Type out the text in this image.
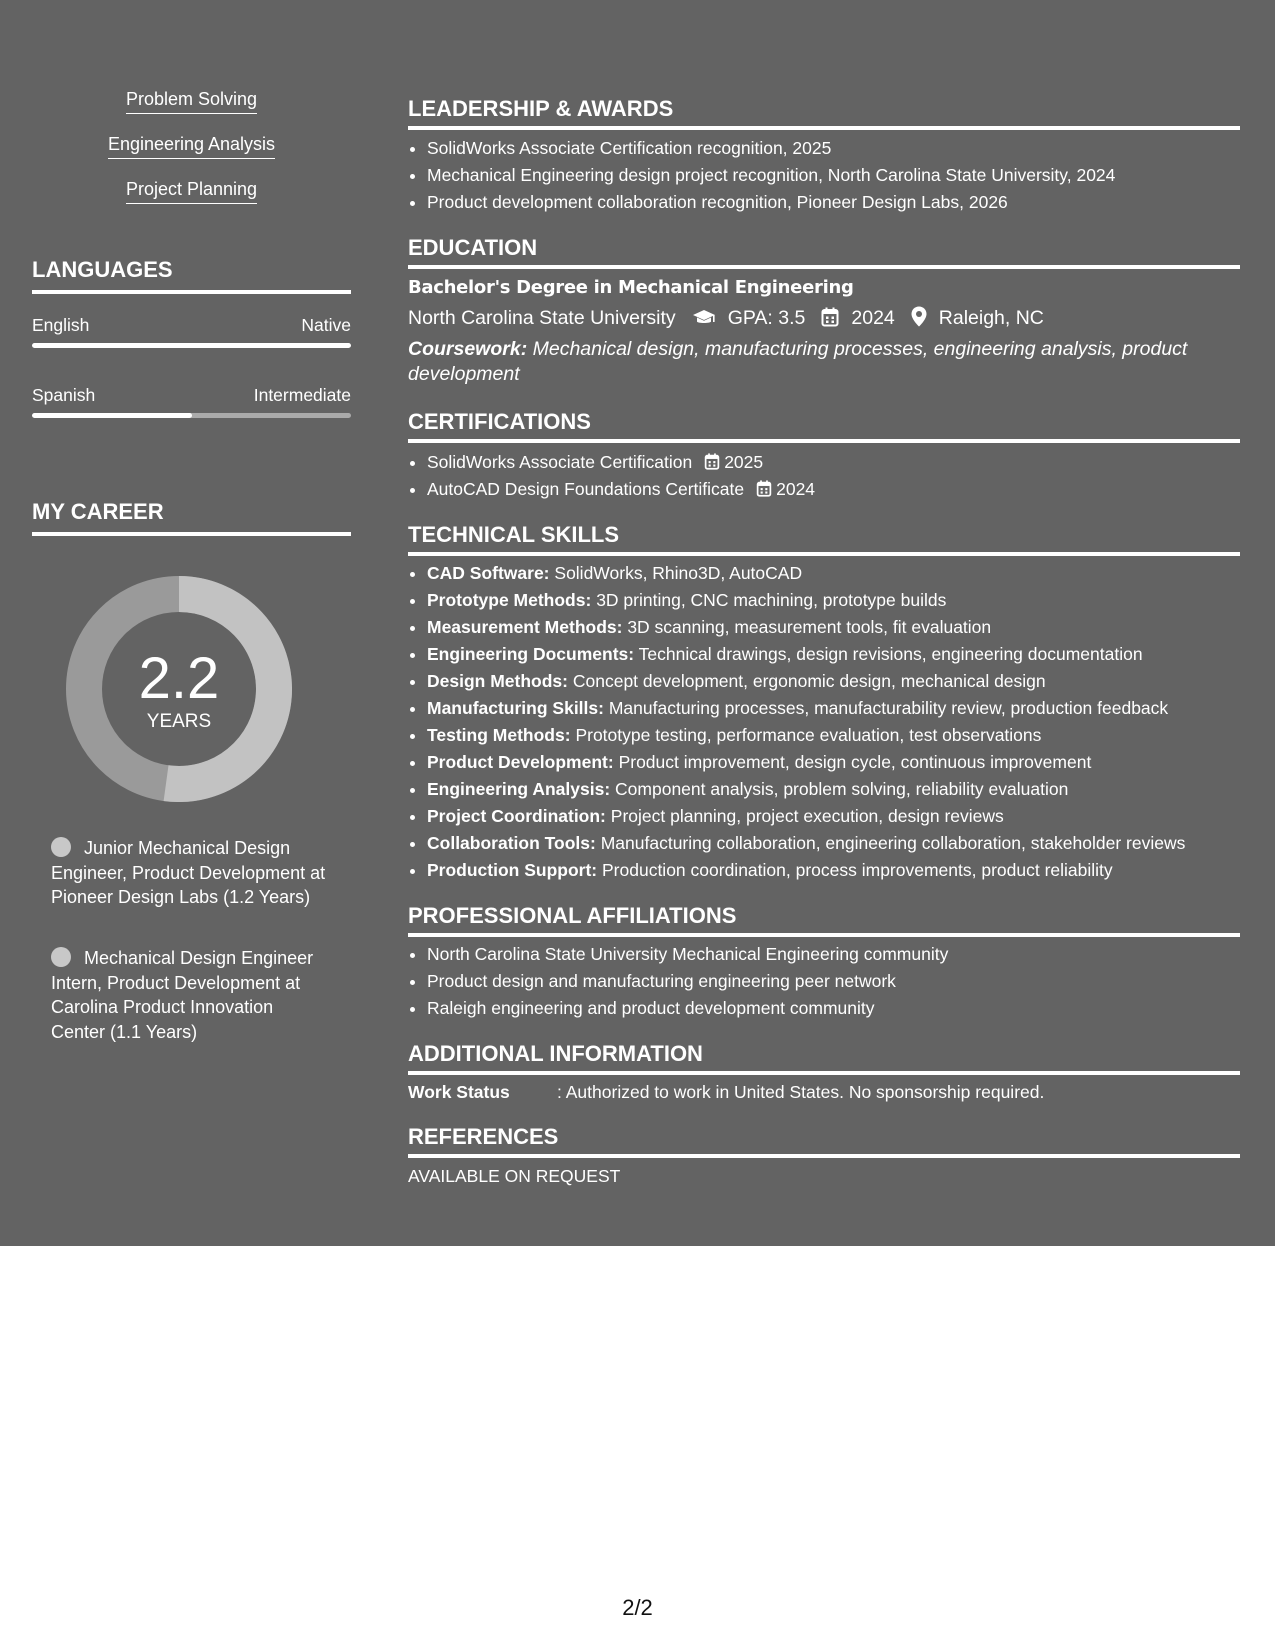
Problem Solving
Engineering Analysis
Project Planning
LANGUAGES
English	Native
Spanish	Intermediate
MY CAREER
2.2
YEARS
Junior Mechanical Design Engineer, Product Development at Pioneer Design Labs (1.2 Years)
Mechanical Design Engineer Intern, Product Development at Carolina Product Innovation Center (1.1 Years)
LEADERSHIP & AWARDS
• SolidWorks Associate Certification recognition, 2025
• Mechanical Engineering design project recognition, North Carolina State University, 2024
• Product development collaboration recognition, Pioneer Design Labs, 2026
EDUCATION
Bachelor's Degree in Mechanical Engineering
North Carolina State University	GPA: 3.5 2024 Raleigh, NC
Coursework: Mechanical design, manufacturing processes, engineering analysis, product development
CERTIFICATIONS
• SolidWorks Associate Certification 2025
• AutoCAD Design Foundations Certificate 2024
TECHNICAL SKILLS
• CAD Software: SolidWorks, Rhino3D, AutoCAD
• Prototype Methods: 3D printing, CNC machining, prototype builds
• Measurement Methods: 3D scanning, measurement tools, fit evaluation
• Engineering Documents: Technical drawings, design revisions, engineering documentation
• Design Methods: Concept development, ergonomic design, mechanical design
• Manufacturing Skills: Manufacturing processes, manufacturability review, production feedback
• Testing Methods: Prototype testing, performance evaluation, test observations
• Product Development: Product improvement, design cycle, continuous improvement
• Engineering Analysis: Component analysis, problem solving, reliability evaluation
• Project Coordination: Project planning, project execution, design reviews
• Collaboration Tools: Manufacturing collaboration, engineering collaboration, stakeholder reviews
• Production Support: Production coordination, process improvements, product reliability
PROFESSIONAL AFFILIATIONS
• North Carolina State University Mechanical Engineering community
• Product design and manufacturing engineering peer network
• Raleigh engineering and product development community
ADDITIONAL INFORMATION
Work Status	: Authorized to work in United States. No sponsorship required.
REFERENCES
AVAILABLE ON REQUEST
2/2
